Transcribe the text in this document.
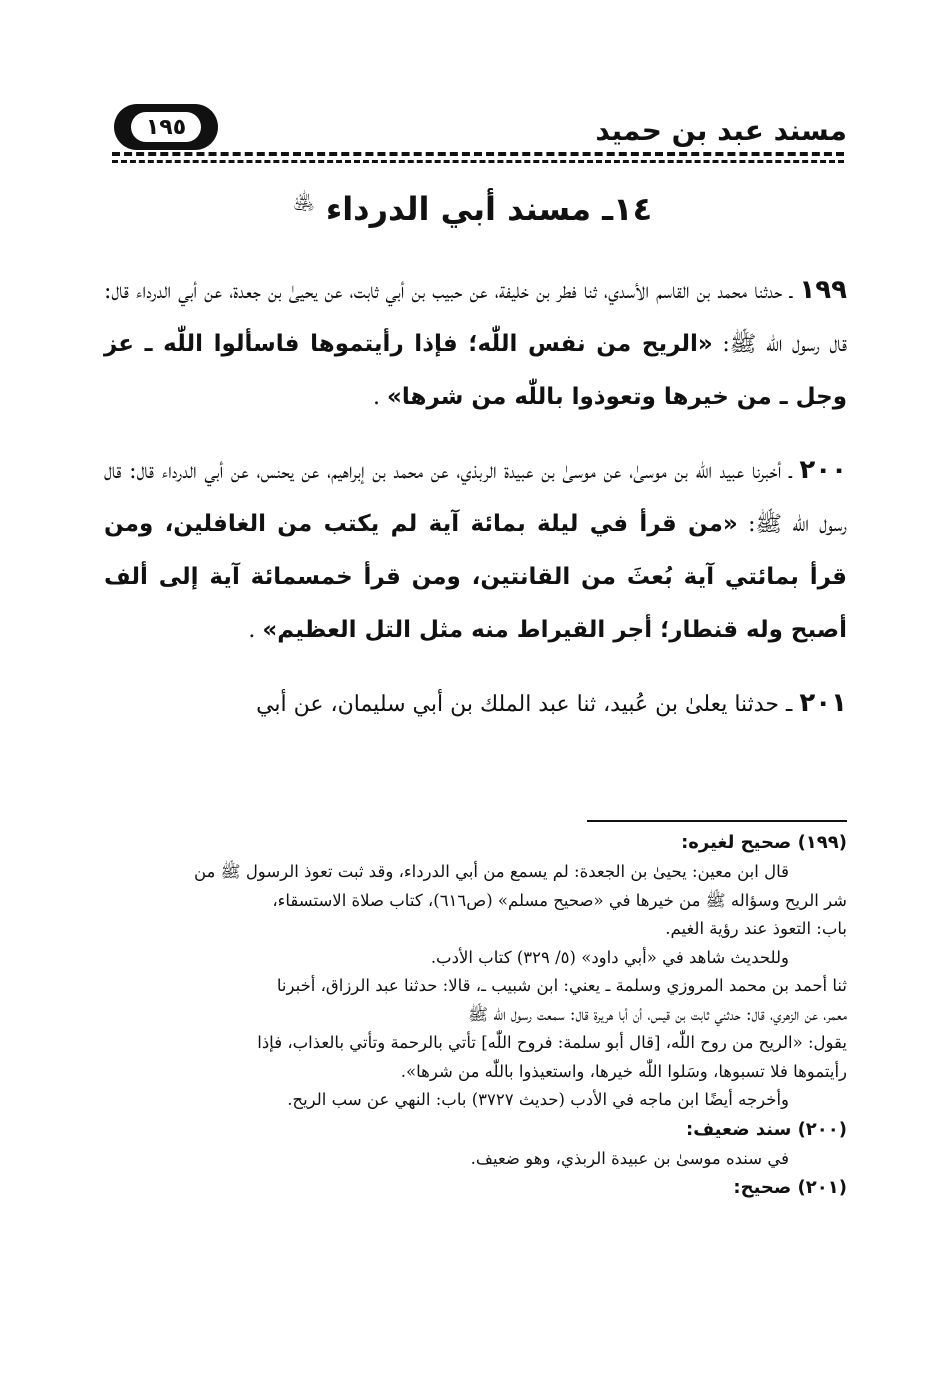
مسند عبد بن حميد
١٩٥
١٤ـ مسند أبي الدرداء ﵁

١٩٩ ـ حدثنا محمد بن القاسم الأسدي، ثنا فطر بن خليفة، عن حبيب بن أبي ثابت، عن يحيىٰ بن جعدة، عن أبي الدرداء قال: قال رسول اللّٰه ﷺ: «الريح من نفس اللّٰه؛ فإذا رأيتموها فاسألوا اللّٰه ـ عز وجل ـ من خيرها وتعوذوا باللّٰه من شرها» .

٢٠٠ ـ أخبرنا عبيد اللّٰه بن موسىٰ، عن موسىٰ بن عبيدة الربذي، عن محمد بن إبراهيم، عن يحنس، عن أبي الدرداء قال: قال رسول اللّٰه ﷺ: «من قرأ في ليلة بمائة آية لم يكتب من الغافلين، ومن قرأ بمائتي آية بُعثَ من القانتين، ومن قرأ خمسمائة آية إلى ألف أصبح وله قنطار؛ أجر القيراط منه مثل التل العظيم» .

٢٠١ ـ حدثنا يعلىٰ بن عُبيد، ثنا عبد الملك بن أبي سليمان، عن أبي

(١٩٩) صحيح لغيره:
قال ابن معين: يحيىٰ بن الجعدة: لم يسمع من أبي الدرداء، وقد ثبت تعوذ الرسول ﷺ من
شر الريح وسؤاله ﷺ من خيرها في «صحيح مسلم» (ص٦١٦)، كتاب صلاة الاستسقاء،
باب: التعوذ عند رؤية الغيم.
وللحديث شاهد في «أبي داود» (٥/ ٣٢٩) كتاب الأدب.
ثنا أحمد بن محمد المروزي وسلمة ـ يعني: ابن شبيب ـ، قالا: حدثنا عبد الرزاق، أخبرنا
معمر، عن الزهري، قال: حدثني ثابت بن قيس، أن أبا هريرة قال: سمعت رسول اللّٰه ﷺ
يقول: «الريح من روح اللّٰه، [قال أبو سلمة: فروح اللّٰه] تأتي بالرحمة وتأتي بالعذاب، فإذا
رأيتموها فلا تسبوها، وسَلوا اللّٰه خيرها، واستعيذوا باللّٰه من شرها».
وأخرجه أيضًا ابن ماجه في الأدب (حديث ٣٧٢٧) باب: النهي عن سب الريح.
(٢٠٠) سند ضعيف:
في سنده موسىٰ بن عبيدة الربذي، وهو ضعيف.
(٢٠١) صحيح:
